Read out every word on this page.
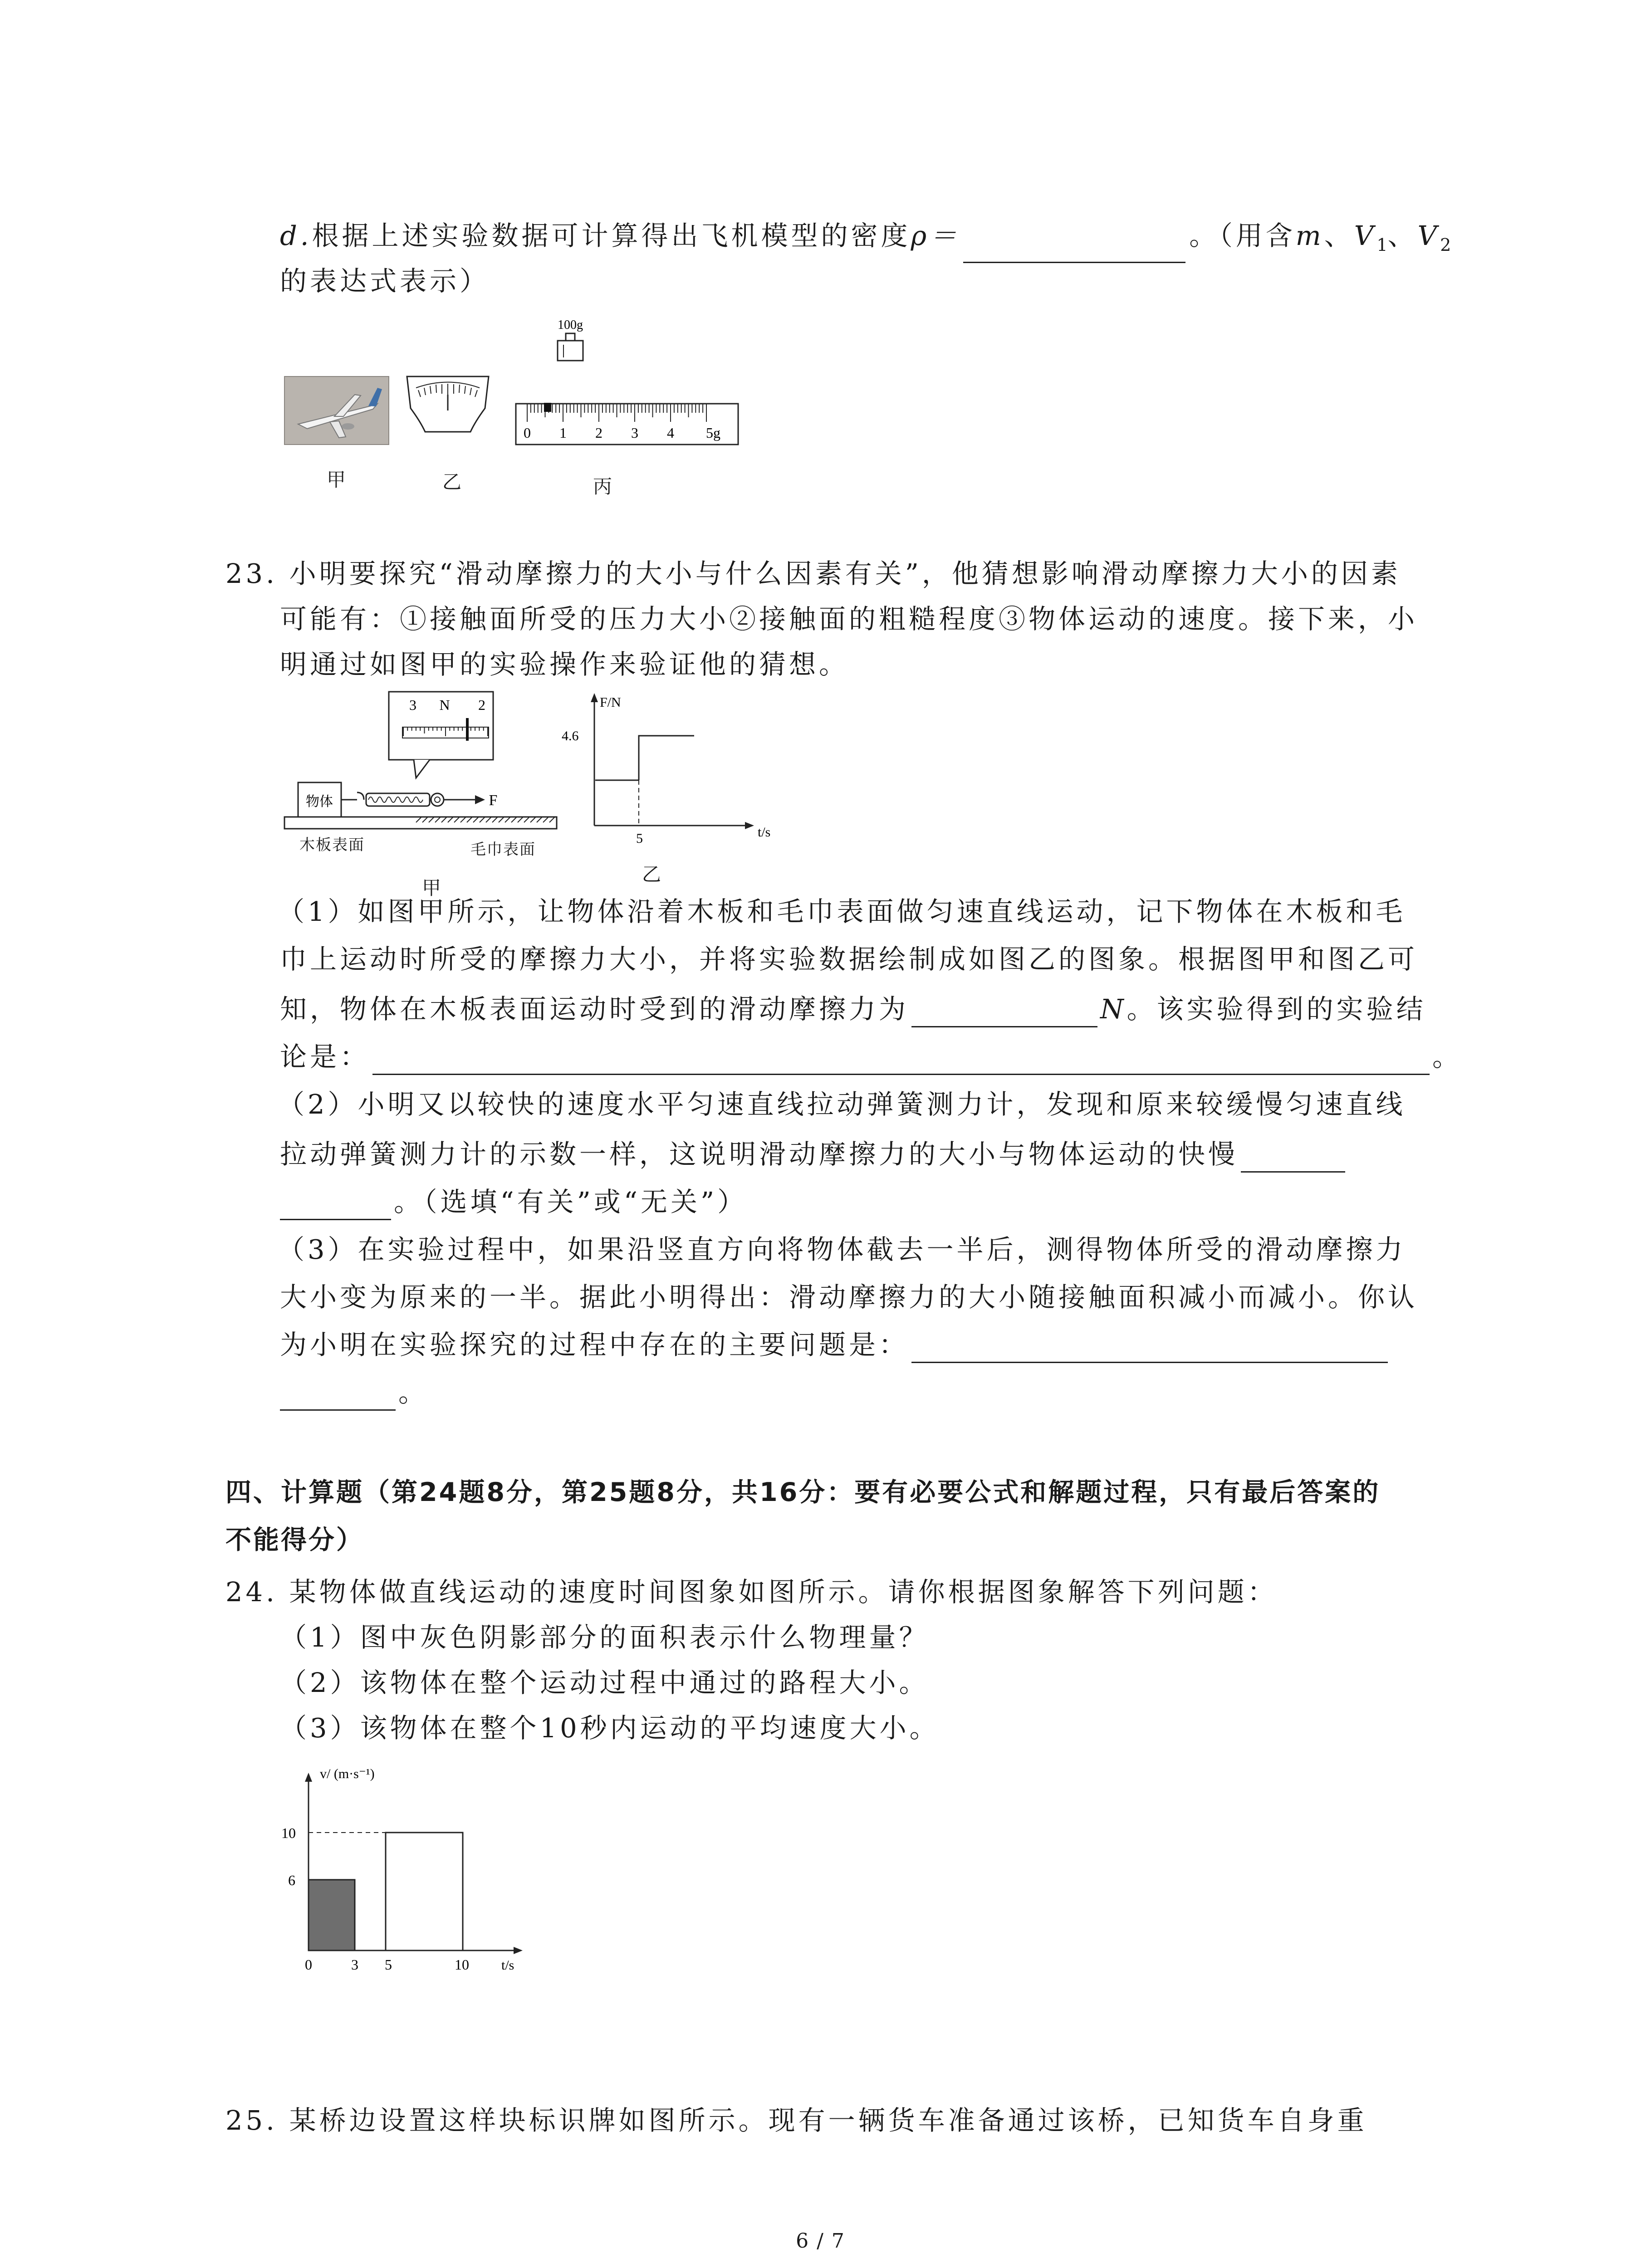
d.根据上述实验数据可计算得出飞机模型的密度ρ＝	。（用含m、$V_1$、$V_2$
的表达式表示）
100g
0 1 2 3 4 5g
甲	乙	丙
23. 小明要探究“滑动摩擦力的大小与什么因素有关”，他猜想影响滑动摩擦力大小的因素
可能有：①接触面所受的压力大小②接触面的粗糙程度③物体运动的速度。接下来，小
明通过如图甲的实验操作来验证他的猜想。
3 N 2
物体	F
木板表面	毛巾表面
甲
F/N
4.6
5	t/s
乙
（1）如图甲所示，让物体沿着木板和毛巾表面做匀速直线运动，记下物体在木板和毛
巾上运动时所受的摩擦力大小，并将实验数据绘制成如图乙的图象。根据图甲和图乙可
知，物体在木板表面运动时受到的滑动摩擦力为	N。该实验得到的实验结
论是：	。
（2）小明又以较快的速度水平匀速直线拉动弹簧测力计，发现和原来较缓慢匀速直线
拉动弹簧测力计的示数一样，这说明滑动摩擦力的大小与物体运动的快慢
。（选填“有关”或“无关”）
（3）在实验过程中，如果沿竖直方向将物体截去一半后，测得物体所受的滑动摩擦力
大小变为原来的一半。据此小明得出：滑动摩擦力的大小随接触面积减小而减小。你认
为小明在实验探究的过程中存在的主要问题是：
。
四、计算题（第24题8分，第25题8分，共16分：要有必要公式和解题过程，只有最后答案的
不能得分）
24. 某物体做直线运动的速度时间图象如图所示。请你根据图象解答下列问题：
（1）图中灰色阴影部分的面积表示什么物理量？
（2）该物体在整个运动过程中通过的路程大小。
（3）该物体在整个10秒内运动的平均速度大小。
v/ (m·s⁻¹)
t/s
10
6
0	3 5	10
25. 某桥边设置这样块标识牌如图所示。现有一辆货车准备通过该桥，已知货车自身重
6 / 7
